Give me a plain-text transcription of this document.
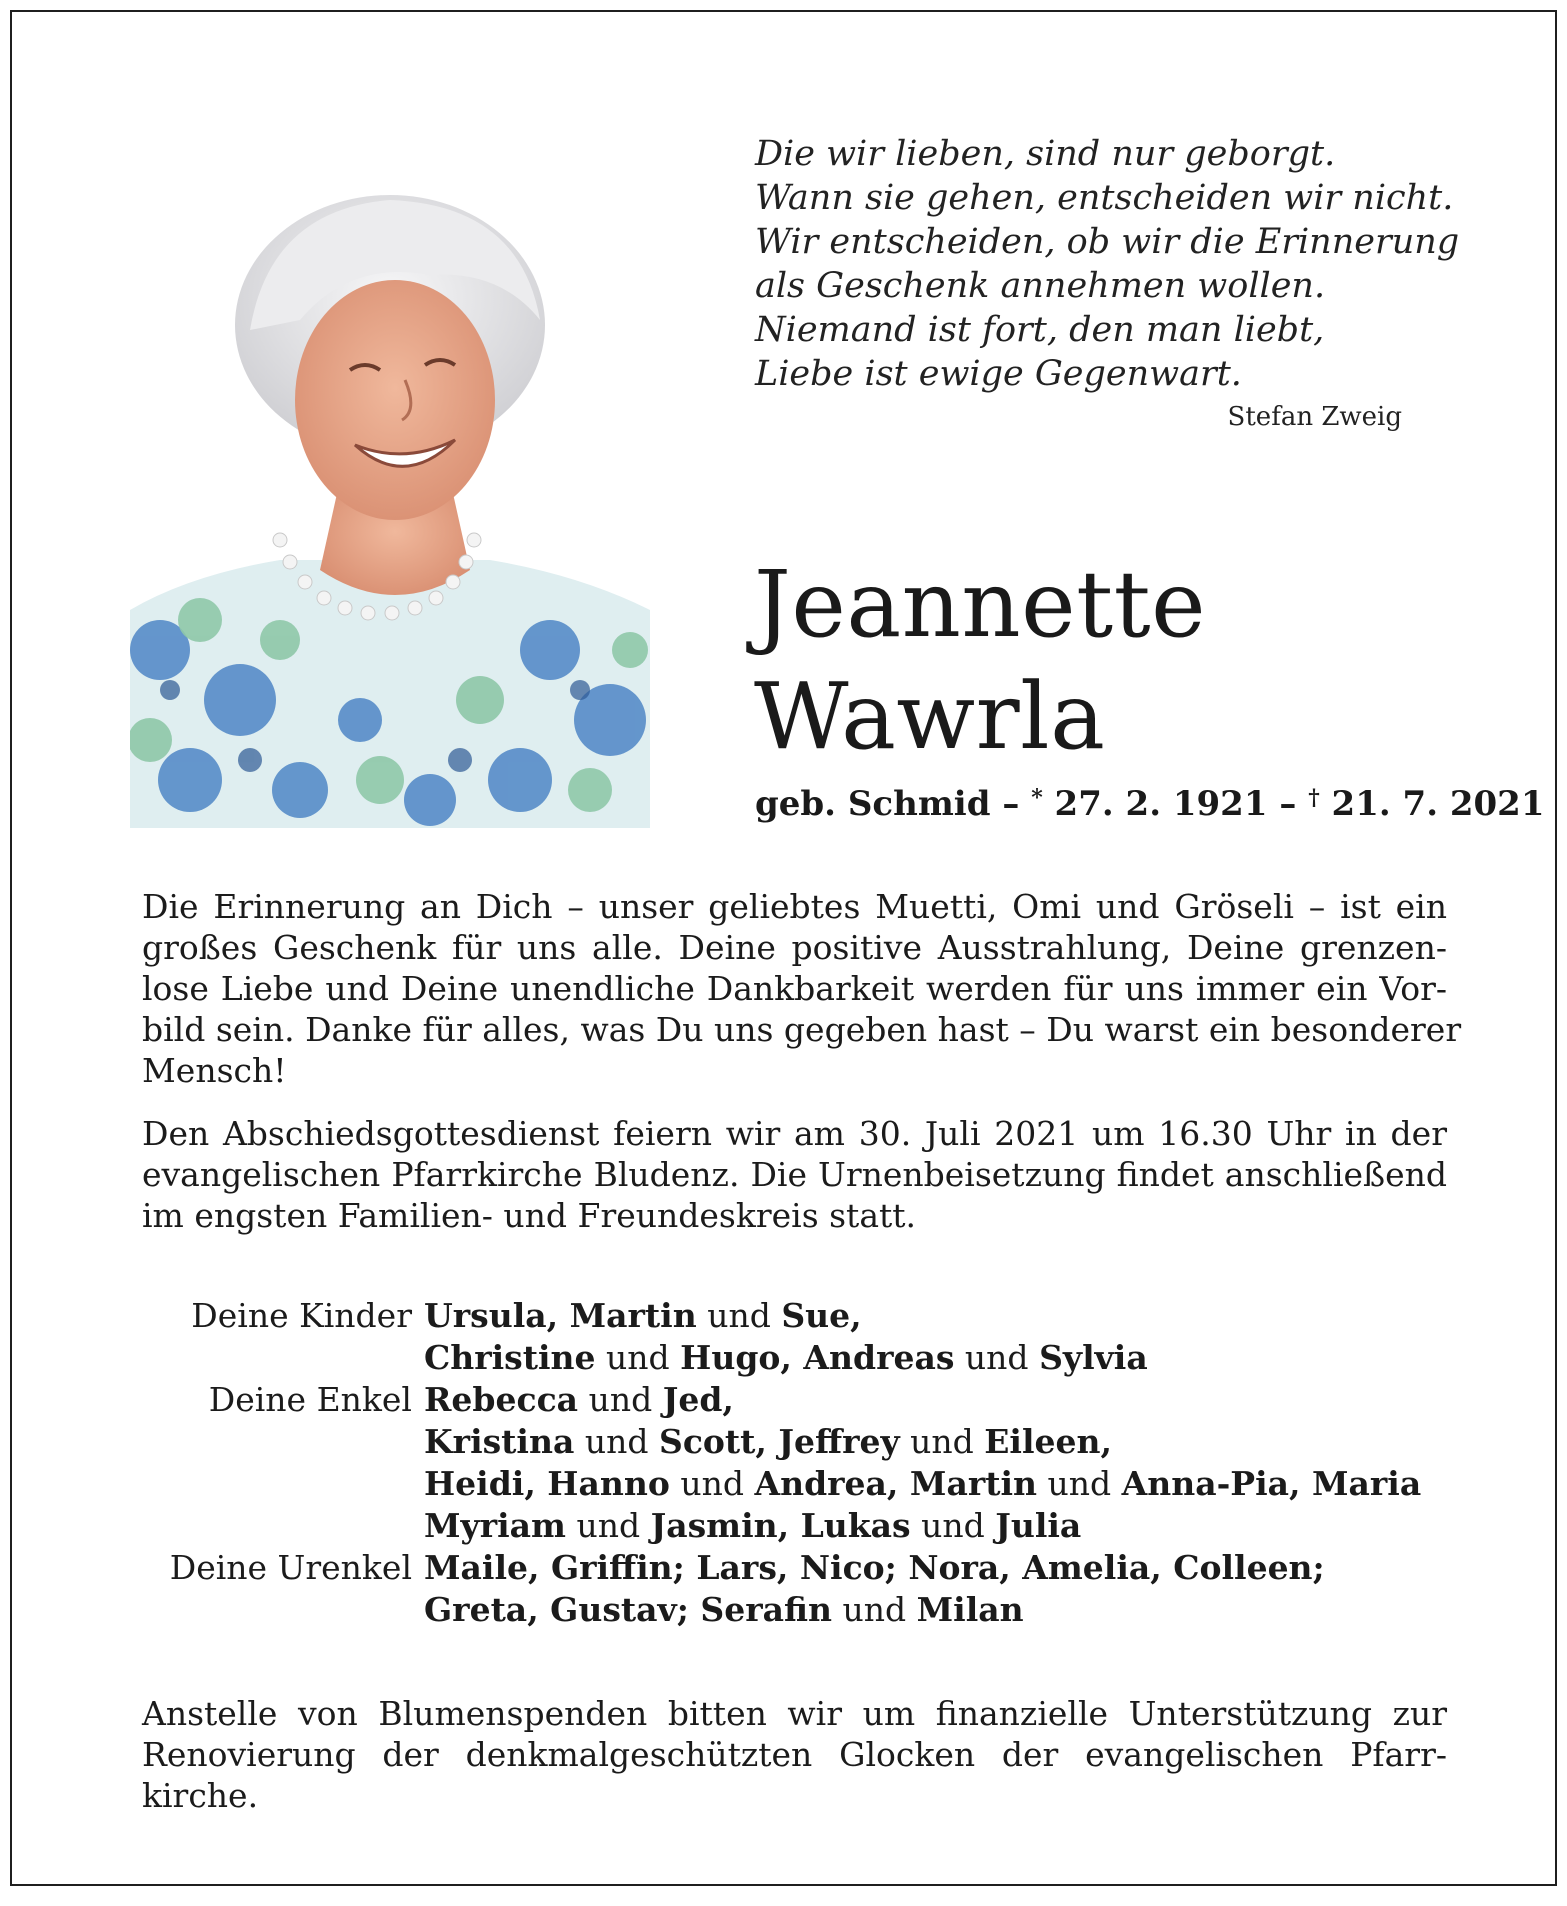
Die wir lieben, sind nur geborgt.
Wann sie gehen, entscheiden wir nicht.
Wir entscheiden, ob wir die Erinnerung
als Geschenk annehmen wollen.
Niemand ist fort, den man liebt,
Liebe ist ewige Gegenwart.
Stefan Zweig
Jeannette
Wawrla
geb. Schmid – * 27. 2. 1921 – † 21. 7. 2021
Die Erinnerung an Dich – unser geliebtes Muetti, Omi und Gröseli – ist ein
großes Geschenk für uns alle. Deine positive Ausstrahlung, Deine grenzen-
lose Liebe und Deine unendliche Dankbarkeit werden für uns immer ein Vor-
bild sein. Danke für alles, was Du uns gegeben hast – Du warst ein besonderer
Mensch!
Den Abschiedsgottesdienst feiern wir am 30. Juli 2021 um 16.30 Uhr in der
evangelischen Pfarrkirche Bludenz. Die Urnenbeisetzung findet anschließend
im engsten Familien- und Freundeskreis statt.
Deine Kinder Ursula, Martin und Sue,
Christine und Hugo, Andreas und Sylvia
Deine Enkel Rebecca und Jed,
Kristina und Scott, Jeffrey und Eileen,
Heidi, Hanno und Andrea, Martin und Anna-Pia, Maria
Myriam und Jasmin, Lukas und Julia
Deine Urenkel Maile, Griffin; Lars, Nico; Nora, Amelia, Colleen;
Greta, Gustav; Serafin und Milan
Anstelle von Blumenspenden bitten wir um finanzielle Unterstützung zur
Renovierung der denkmalgeschützten Glocken der evangelischen Pfarr-
kirche.
